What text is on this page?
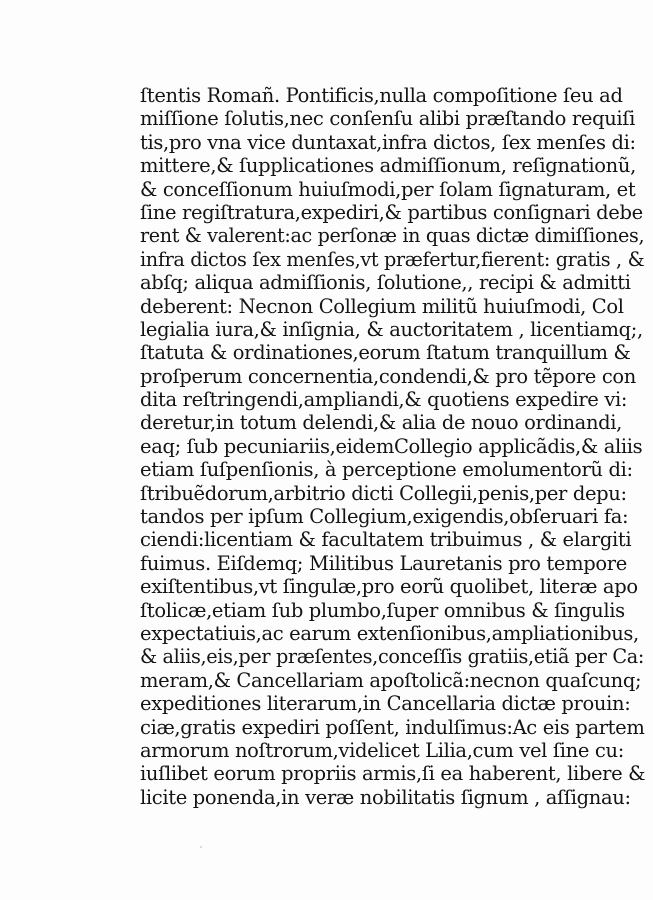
ſtentis Romañ. Pontificis,nulla compoſitione ſeu ad
miſſione ſolutis,nec conſenſu alibi præſtando requiſi
tis,pro vna vice duntaxat,infra dictos, ſex menſes di:
mittere,& ſupplicationes admiſſionum, reſignationũ,
& conceſſionum huiuſmodi,per ſolam ſignaturam, et
ſine regiſtratura,expediri,& partibus conſignari debe
rent & valerent:ac perſonæ in quas dictæ dimiſſiones,
infra dictos ſex menſes,vt præfertur,fierent: gratis , &
abſq; aliqua admiſſionis, ſolutione,, recipi & admitti
deberent: Necnon Collegium militũ huiuſmodi, Col
legialia iura,& inſignia, & auctoritatem , licentiamq;,
ſtatuta & ordinationes,eorum ſtatum tranquillum &
proſperum concernentia,condendi,& pro tẽpore con
dita reſtringendi,ampliandi,& quotiens expedire vi:
deretur,in totum delendi,& alia de nouo ordinandi,
eaq; ſub pecuniariis,eidemCollegio applicãdis,& aliis
etiam ſuſpenſionis, à perceptione emolumentorũ di:
ſtribuẽdorum,arbitrio dicti Collegii,penis,per depu:
tandos per ipſum Collegium,exigendis,obſeruari fa:
ciendi:licentiam & facultatem tribuimus , & elargiti
fuimus. Eiſdemq; Militibus Lauretanis pro tempore
exiſtentibus,vt ſingulæ,pro eorũ quolibet, literæ apo
ſtolicæ,etiam ſub plumbo,ſuper omnibus & ſingulis
expectatiuis,ac earum extenſionibus,ampliationibus,
& aliis,eis,per præſentes,conceſſis gratiis,etiã per Ca:
meram,& Cancellariam apoſtolicã:necnon quaſcunq;
expeditiones literarum,in Cancellaria dictæ prouin:
ciæ,gratis expediri poſſent, indulſimus:Ac eis partem
armorum noſtrorum,videlicet Lilia,cum vel ſine cu:
iuſlibet eorum propriis armis,ſi ea haberent, libere &
licite ponenda,in veræ nobilitatis ſignum , aſſignau:
